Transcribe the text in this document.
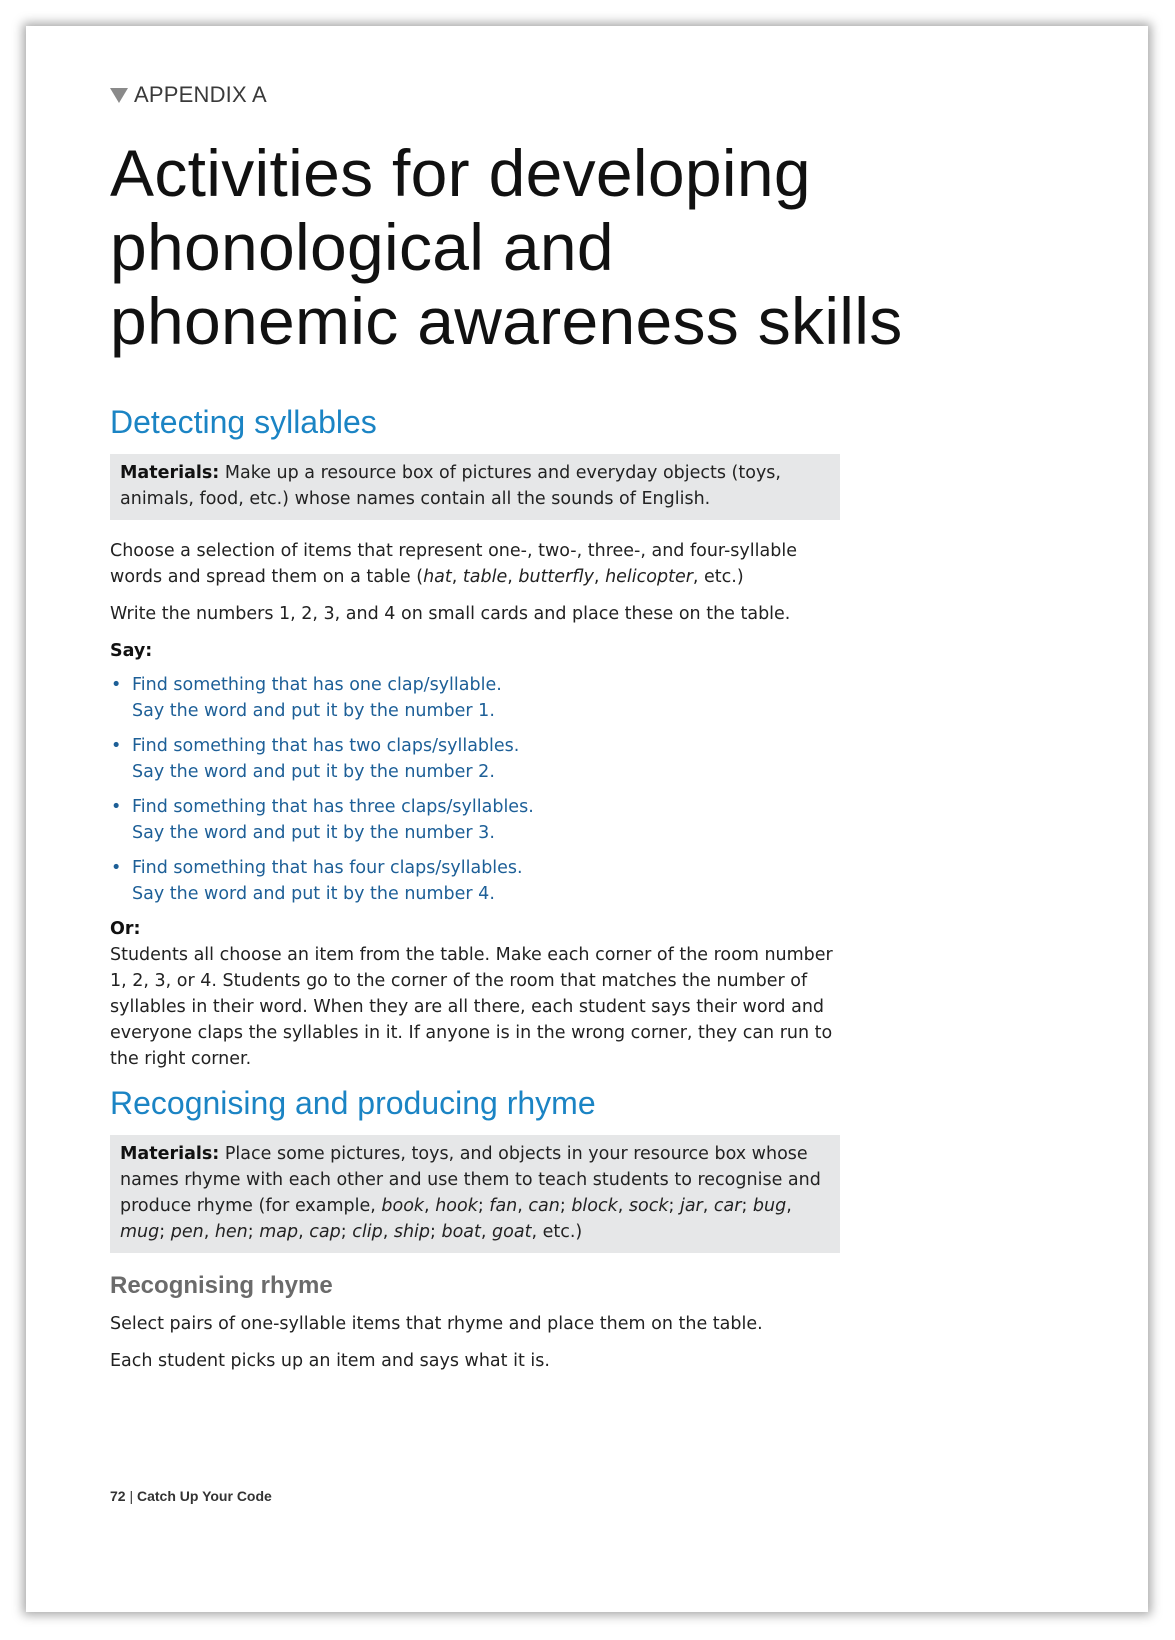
APPENDIX A
Activities for developing
phonological and
phonemic awareness skills
Detecting syllables
Materials: Make up a resource box of pictures and everyday objects (toys, animals, food, etc.) whose names contain all the sounds of English.

Choose a selection of items that represent one-, two-, three-, and four-syllable words and spread them on a table (hat, table, butterfly, helicopter, etc.)

Write the numbers 1, 2, 3, and 4 on small cards and place these on the table.

Say:
• Find something that has one clap/syllable.
Say the word and put it by the number 1.
• Find something that has two claps/syllables.
Say the word and put it by the number 2.
• Find something that has three claps/syllables.
Say the word and put it by the number 3.
• Find something that has four claps/syllables.
Say the word and put it by the number 4.
Or:

Students all choose an item from the table. Make each corner of the room number 1, 2, 3, or 4. Students go to the corner of the room that matches the number of syllables in their word. When they are all there, each student says their word and everyone claps the syllables in it. If anyone is in the wrong corner, they can run to the right corner.

Recognising and producing rhyme
Materials: Place some pictures, toys, and objects in your resource box whose names rhyme with each other and use them to teach students to recognise and produce rhyme (for example, book, hook; fan, can; block, sock; jar, car; bug, mug; pen, hen; map, cap; clip, ship; boat, goat, etc.)
Recognising rhyme

Select pairs of one-syllable items that rhyme and place them on the table.

Each student picks up an item and says what it is.

72 | Catch Up Your Code
